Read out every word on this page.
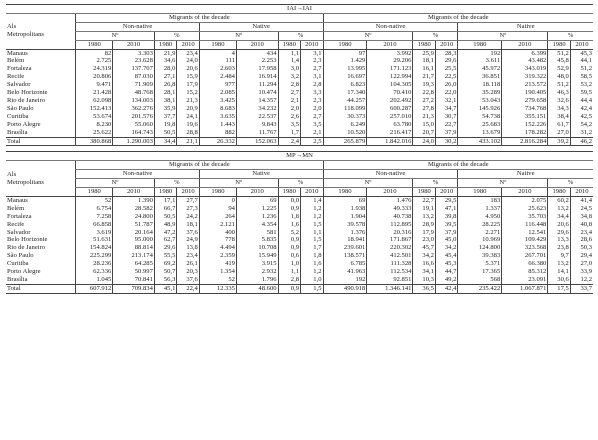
IAI→IAI																
Als
Metropolitans	Migrants of the decade								Migrants of the decade							
	Non-native				Native				Non-native				Native			
	Nº		%		Nº		%		Nº		%		Nº		%	
	1980	2010	1980	2010	1980	2010	1980	2010	1980	2010	1980	2010	1980	2010	1980	2010
Manaus	82	3.303	21,9	23,4	4	434	1,1	3,1	97	3.992	25,9	28,3	192	6.399	51,2	45,3
Belém	2.725	23.628	34,6	24,0	111	2.253	1,4	2,3	1.429	29.206	18,1	29,6	3.611	43.482	45,8	44,1
Fortaleza	24.319	137.707	28,0	20,6	2.603	17.958	3,0	2,7	13.995	171.123	16,1	25,5	45.972	343.019	52,9	51,2
Recife	20.806	87.030	27,1	15,9	2.484	16.914	3,2	3,1	16.697	122.994	21,7	22,5	36.851	319.322	48,0	58,5
Salvador	9.471	71.909	26,8	17,9	977	11.294	2,8	2,8	6.823	104.305	19,3	26,0	18.118	213.572	51,2	53,2
Belo Horizonte	21.428	48.768	28,1	15,2	2.085	10.474	2,7	3,3	17.340	70.410	22,8	22,0	35.289	190.405	46,3	59,5
Rio de Janeiro	62.098	134.003	38,1	21,3	3.425	14.357	2,1	2,3	44.257	202.492	27,2	32,1	53.043	279.658	32,6	44,4
São Paulo	152.413	362.276	35,9	20,9	8.683	34.232	2,0	2,0	118.099	600.287	27,8	34,7	145.926	734.768	34,3	42,4
Curitiba	53.674	201.576	37,7	24,1	3.635	22.537	2,6	2,7	30.373	257.010	21,3	30,7	54.738	355.151	38,4	42,5
Porto Alegre	8.230	55.060	19,8	19,6	1.443	9.843	3,5	3,5	6.249	63.780	15,0	22,7	25.683	152.226	61,7	54,2
Brasília	25.622	164.743	50,5	28,8	882	11.767	1,7	2,1	10.520	216.417	20,7	37,9	13.679	178.282	27,0	31,2
Total	380.868	1.290.003	34,4	21,1	26.332	152.063	2,4	2,5	265.879	1.842.016	24,0	30,2	433.102	2.816.284	39,2	46,2

MP→MN																
Als
Metropolitans	Migrants of the decade								Migrants of the decade							
	Non-native				Native				Non-native				Native			
	Nº		%		Nº		%		Nº		%		Nº		%	
	1980	2010	1980	2010	1980	2010	1980	2010	1980	2010	1980	2010	1980	2010	1980	2010
Manaus	52	1.390	17,1	27,7	0	69	0,0	1,4	69	1.476	22,7	29,5	183	2.075	60,2	41,4
Belém	6.754	28.582	66,7	27,3	94	1.225	0,9	1,2	1.938	49.333	19,1	47,1	1.337	25.623	13,2	24,5
Fortaleza	7.258	24.800	50,5	24,2	264	1.236	1,8	1,2	1.904	40.738	13,2	39,8	4.950	35.703	34,4	34,8
Recife	66.858	51.787	48,9	18,1	2.121	4.354	1,6	1,5	39.578	112.895	28,9	39,5	28.225	116.448	20,6	40,8
Salvador	3.619	20.164	47,2	37,6	400	581	5,2	1,1	1.376	20.316	17,9	37,9	2.271	12.541	29,6	23,4
Belo Horizonte	51.631	95.000	62,7	24,9	778	5.835	0,9	1,5	18.941	171.867	23,0	45,0	10.969	109.429	13,3	28,6
Rio de Janeiro	154.824	88.814	29,6	13,8	4.494	10.708	0,9	1,7	239.601	220.302	45,7	34,2	124.800	323.568	23,8	50,3
São Paulo	225.299	213.174	55,5	23,4	2.359	15.949	0,6	1,8	138.571	412.501	34,2	45,4	39.383	267.701	9,7	29,4
Curitiba	28.236	64.285	69,2	26,1	419	3.915	1,0	1,6	6.785	111.328	16,6	45,3	5.371	66.380	13,2	27,0
Porto Alegre	62.336	50.997	50,7	20,3	1.354	2.932	1,1	1,2	41.963	112.534	34,1	44,7	17.365	85.312	14,1	33,9
Brasília	1.045	70.841	56,3	37,6	52	1.796	2,8	1,0	192	92.851	10,3	49,2	568	23.091	30,6	12,2
Total	607.912	709.834	45,1	22,4	12.335	48.600	0,9	1,5	490.918	1.346.141	36,5	42,4	235.422	1.067.871	17,5	33,7
